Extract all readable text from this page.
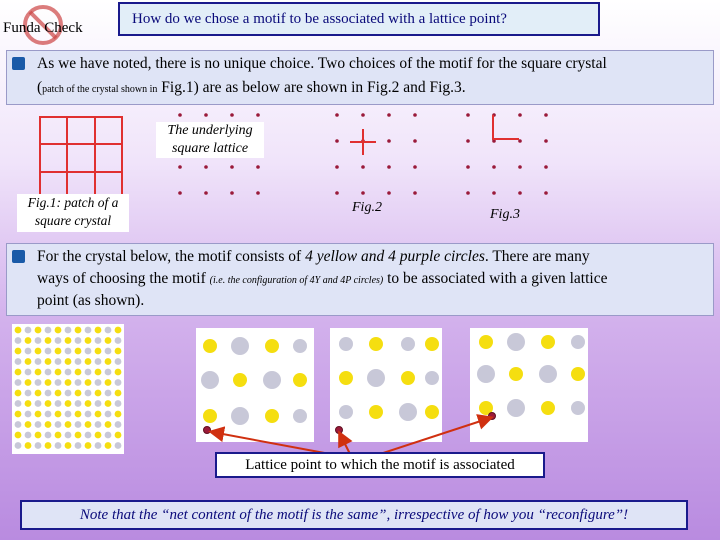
Funda Check
How do we chose a motif to be associated with a lattice point?
As we have noted, there is no unique choice. Two choices of the motif for the square crystal
(patch of the crystal shown in Fig.1) are as below are shown in Fig.2 and Fig.3.
The underlying
square lattice
Fig.1: patch of a
square crystal
Fig.2	Fig.3
For the crystal below, the motif consists of 4 yellow and 4 purple circles. There are many
ways of choosing the motif (i.e. the configuration of 4Y and 4P circles) to be associated with a given lattice
point (as shown).
Lattice point to which the motif is associated
Note that the “net content of the motif is the same”, irrespective of how you “reconfigure”!
